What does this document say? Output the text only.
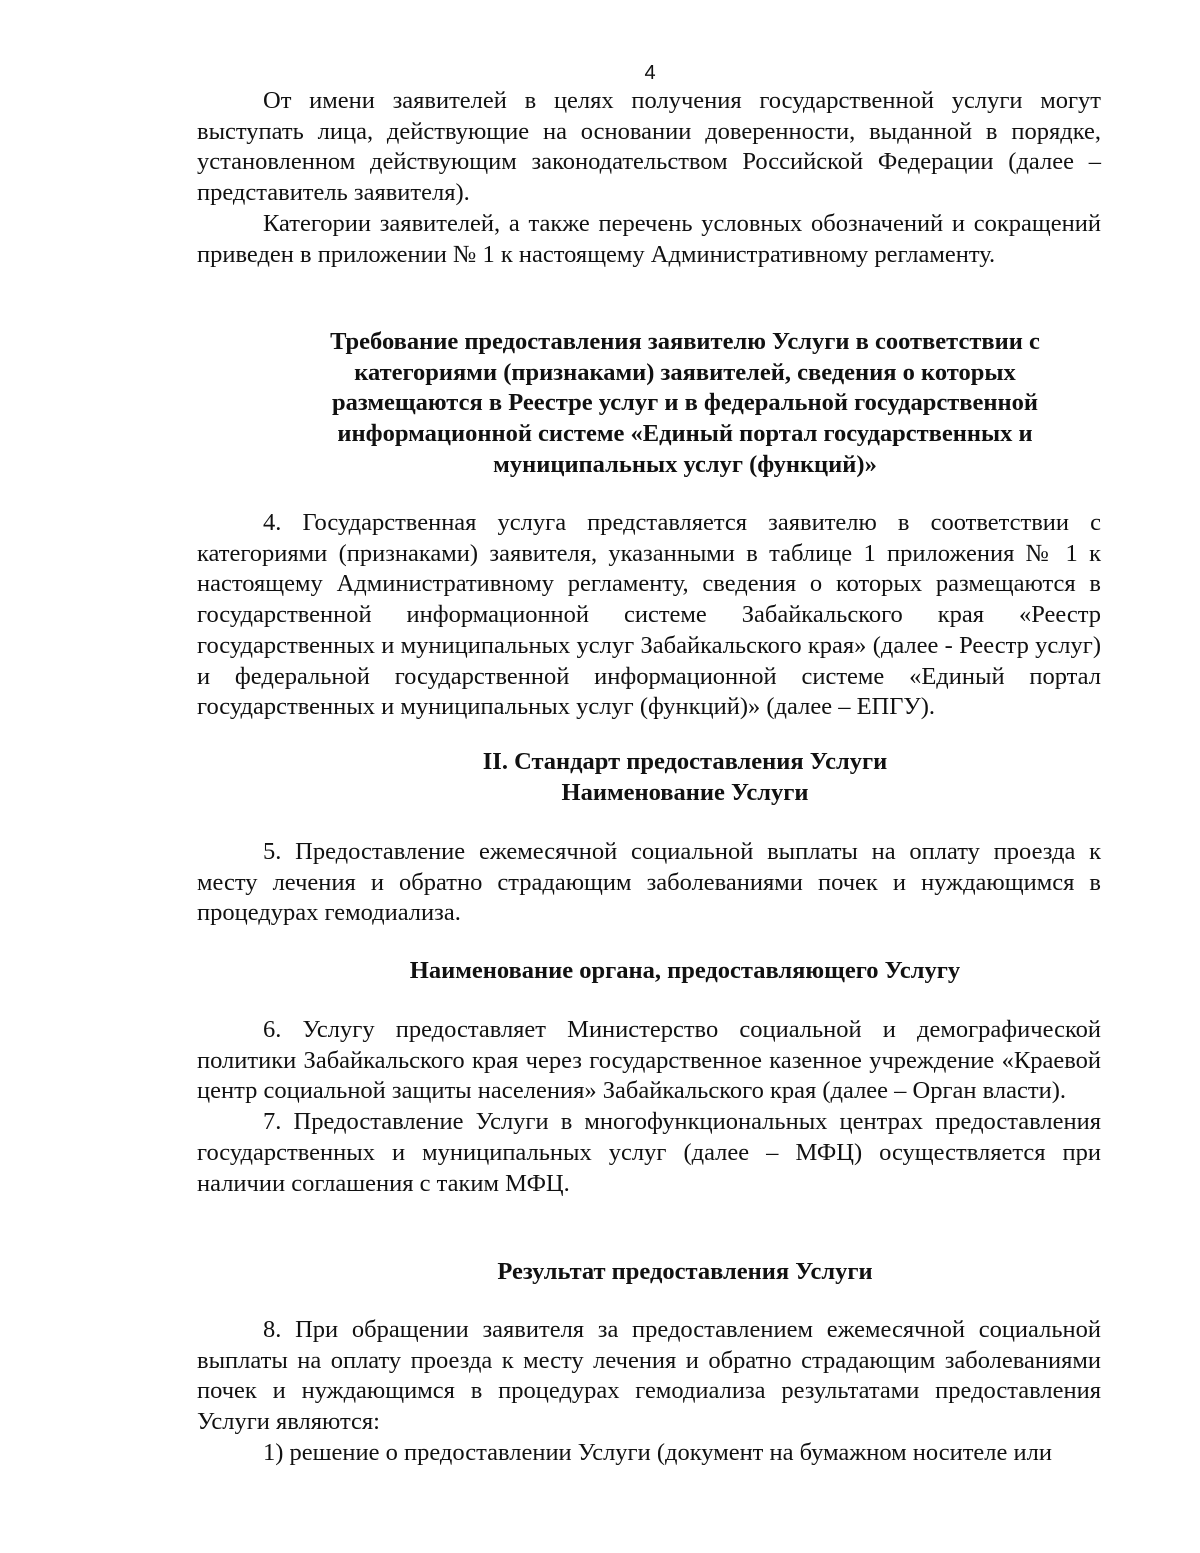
4

От имени заявителей в целях получения государственной услуги могут выступать лица, действующие на основании доверенности, выданной в порядке, установленном действующим законодательством Российской Федерации (далее – представитель заявителя).

Категории заявителей, а также перечень условных обозначений и сокращений приведен в приложении № 1 к настоящему Административному регламенту.

Требование предоставления заявителю Услуги в соответствии с
категориями (признаками) заявителей, сведения о которых
размещаются в Реестре услуг и в федеральной государственной
информационной системе «Единый портал государственных и
муниципальных услуг (функций)»

4. Государственная услуга представляется заявителю в соответствии с категориями (признаками) заявителя, указанными в таблице 1 приложения № 1 к настоящему Административному регламенту, сведения о которых размещаются в государственной информационной системе Забайкальского края «Реестр государственных и муниципальных услуг Забайкальского края» (далее - Реестр услуг) и федеральной государственной информационной системе «Единый портал государственных и муниципальных услуг (функций)» (далее – ЕПГУ).

II. Стандарт предоставления Услуги
Наименование Услуги

5. Предоставление ежемесячной социальной выплаты на оплату проезда к месту лечения и обратно страдающим заболеваниями почек и нуждающимся в процедурах гемодиализа.

Наименование органа, предоставляющего Услугу

6. Услугу предоставляет Министерство социальной и демографической политики Забайкальского края через государственное казенное учреждение «Краевой центр социальной защиты населения» Забайкальского края (далее – Орган власти).

7. Предоставление Услуги в многофункциональных центрах предоставления государственных и муниципальных услуг (далее – МФЦ) осуществляется при наличии соглашения с таким МФЦ.

Результат предоставления Услуги

8. При обращении заявителя за предоставлением ежемесячной социальной выплаты на оплату проезда к месту лечения и обратно страдающим заболеваниями почек и нуждающимся в процедурах гемодиализа результатами предоставления Услуги являются:

1) решение о предоставлении Услуги (документ на бумажном носителе или
